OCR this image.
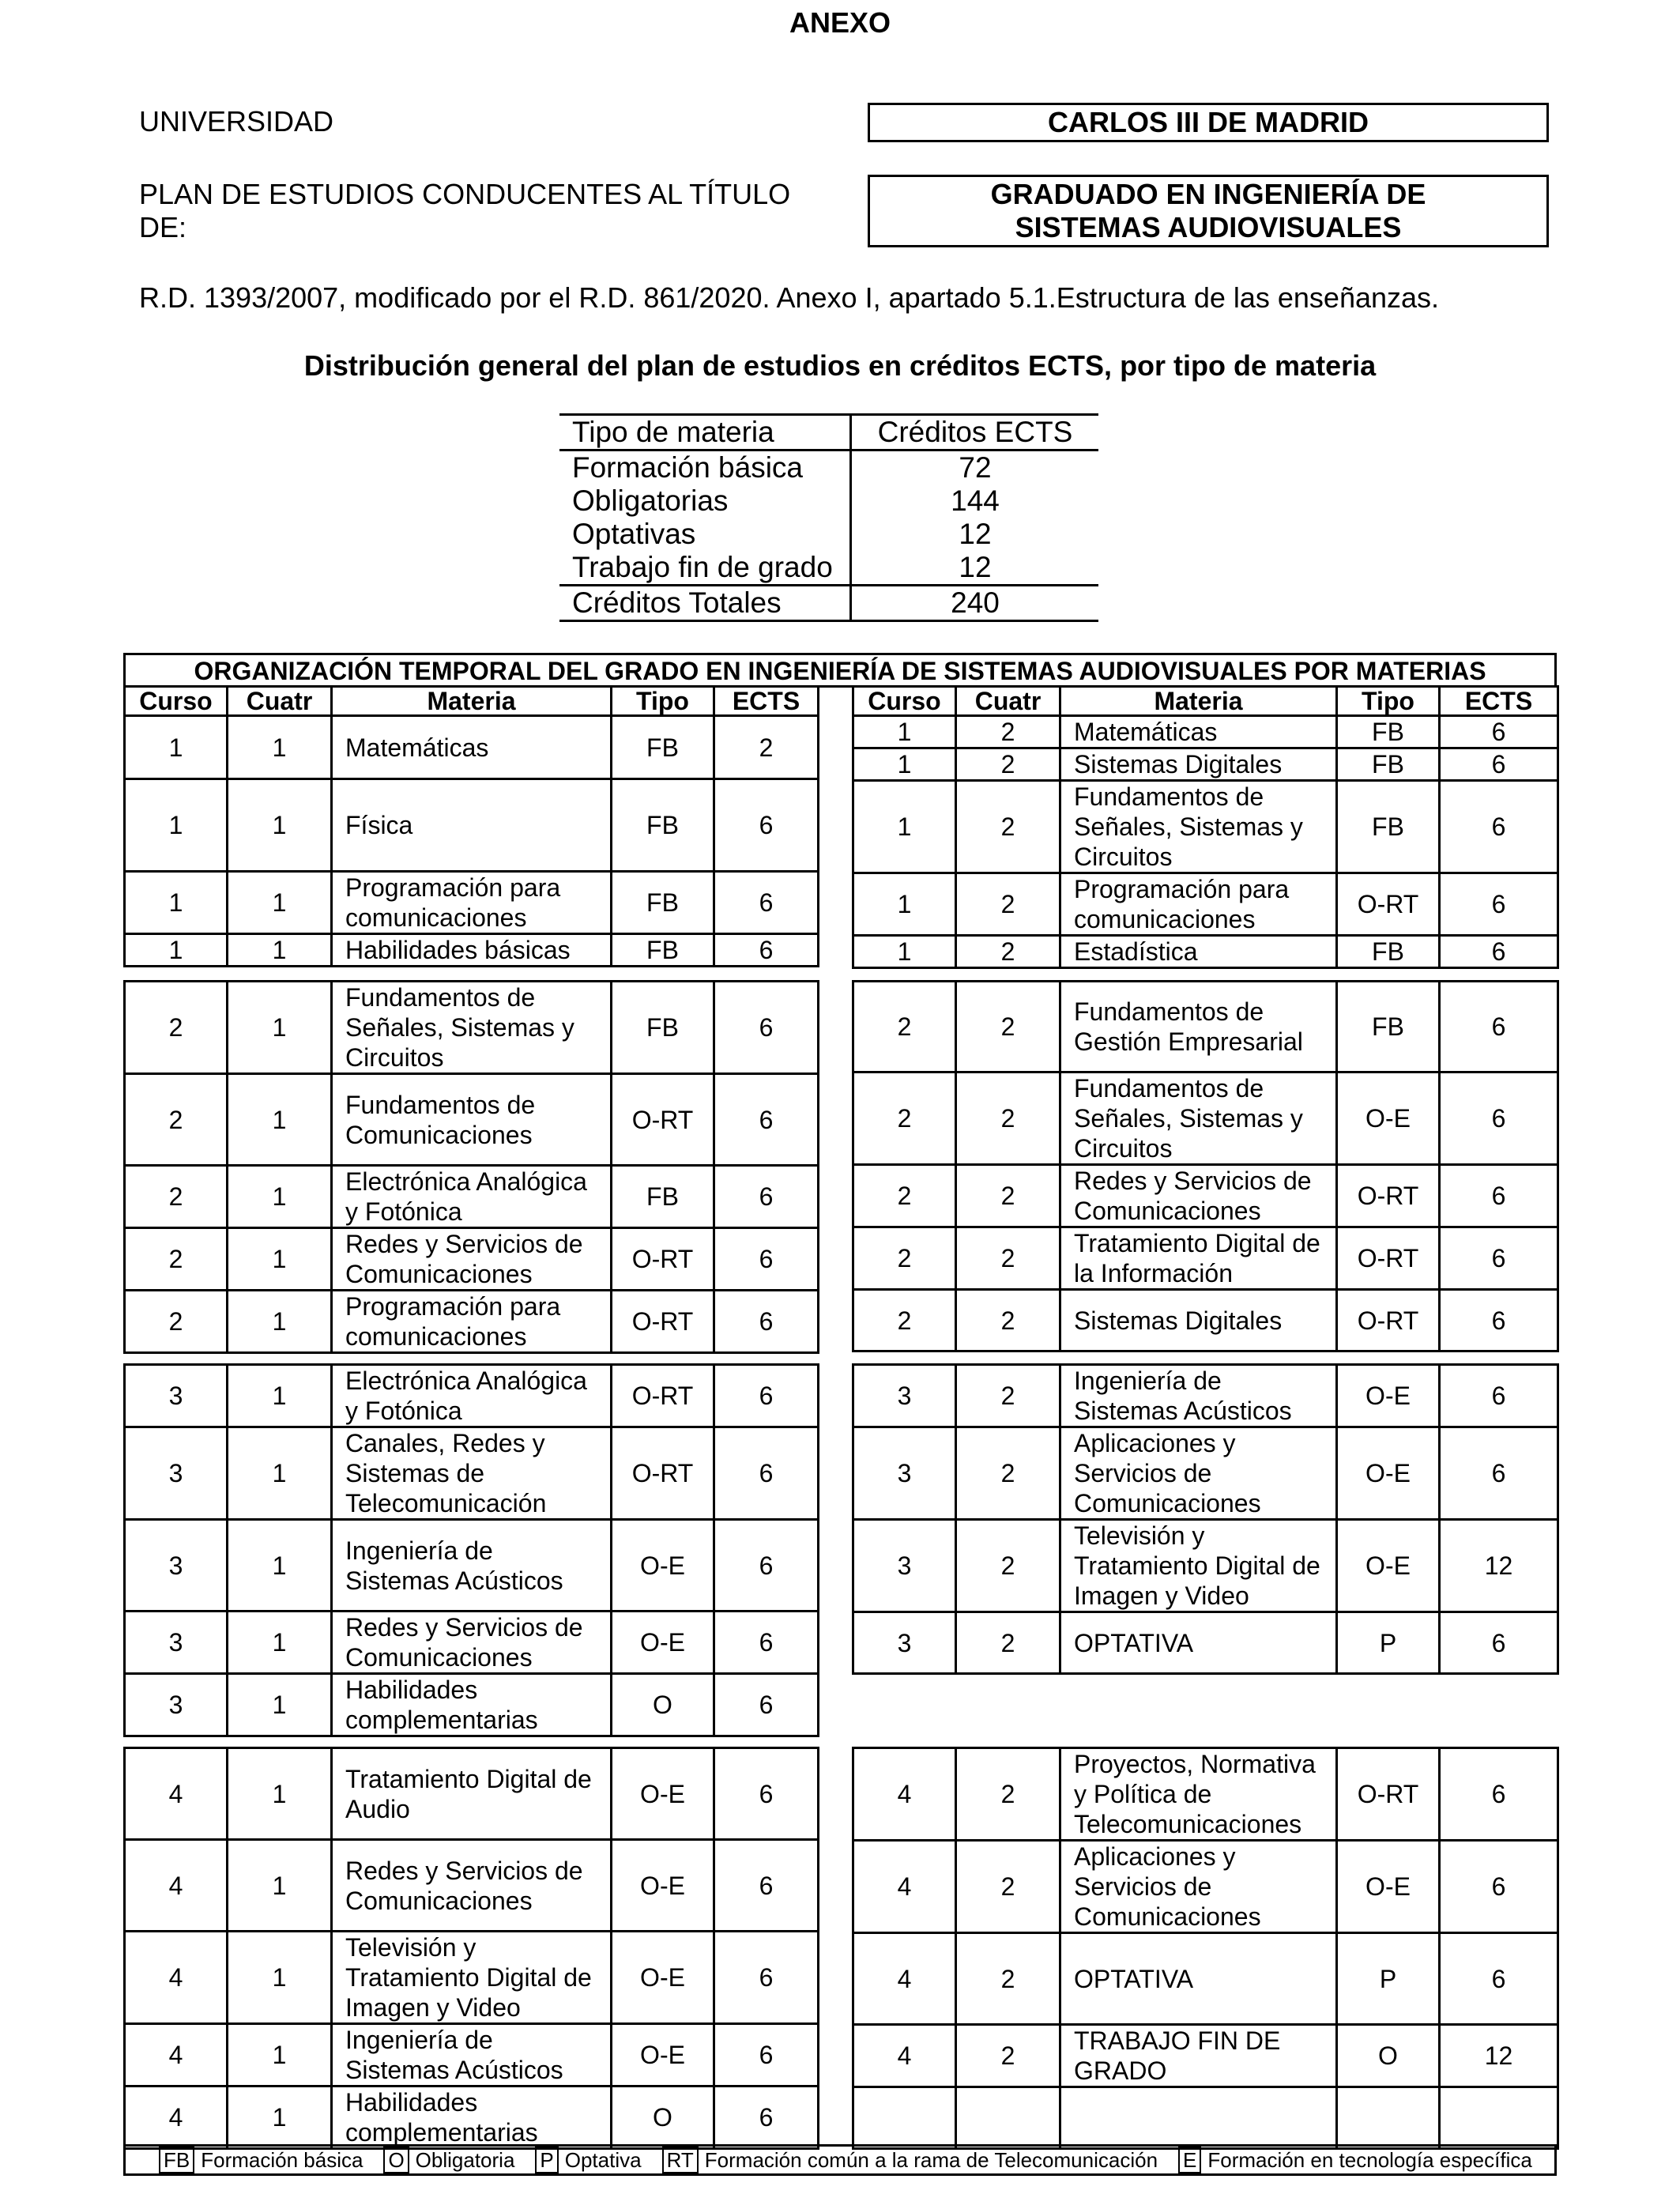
ANEXO
UNIVERSIDAD	CARLOS III DE MADRID
PLAN DE ESTUDIOS CONDUCENTES AL TÍTULO
DE:
GRADUADO EN INGENIERÍA DE
SISTEMAS AUDIOVISUALES
R.D. 1393/2007, modificado por el R.D. 861/2020. Anexo I, apartado 5.1.Estructura de las enseñanzas.
Distribución general del plan de estudios en créditos ECTS, por tipo de materia
Tipo de materia	Créditos ECTS
Formación básica	72
Obligatorias	144
Optativas	12
Trabajo fin de grado	12
Créditos Totales	240
ORGANIZACIÓN TEMPORAL DEL GRADO EN INGENIERÍA DE SISTEMAS AUDIOVISUALES POR MATERIAS
Curso	Cuatr	Materia	Tipo	ECTS	Curso	Cuatr	Materia	Tipo	ECTS
1	1	Matemáticas	FB	2
1	1	Física	FB	6
1	1	Programación para comunicaciones	FB	6
1	1	Habilidades básicas	FB	6
1	2	Matemáticas	FB	6
1	2	Sistemas Digitales	FB	6
1	2	Fundamentos de Señales, Sistemas y Circuitos	FB	6
1	2	Programación para comunicaciones	O-RT	6
1	2	Estadística	FB	6
2	1	Fundamentos de Señales, Sistemas y Circuitos	FB	6
2	1	Fundamentos de Comunicaciones	O-RT	6
2	1	Electrónica Analógica y Fotónica	FB	6
2	1	Redes y Servicios de Comunicaciones	O-RT	6
2	1	Programación para comunicaciones	O-RT	6
2	2	Fundamentos de Gestión Empresarial	FB	6
2	2	Fundamentos de Señales, Sistemas y Circuitos	O-E	6
2	2	Redes y Servicios de Comunicaciones	O-RT	6
2	2	Tratamiento Digital de la Información	O-RT	6
2	2	Sistemas Digitales	O-RT	6
3	1	Electrónica Analógica y Fotónica	O-RT	6
3	1	Canales, Redes y Sistemas de Telecomunicación	O-RT	6
3	1	Ingeniería de Sistemas Acústicos	O-E	6
3	1	Redes y Servicios de Comunicaciones	O-E	6
3	1	Habilidades complementarias	O	6
3	2	Ingeniería de Sistemas Acústicos	O-E	6
3	2	Aplicaciones y Servicios de Comunicaciones	O-E	6
3	2	Televisión y Tratamiento Digital de Imagen y Video	O-E	12
3	2	OPTATIVA	P	6
4	1	Tratamiento Digital de Audio	O-E	6
4	1	Redes y Servicios de Comunicaciones	O-E	6
4	1	Televisión y Tratamiento Digital de Imagen y Video	O-E	6
4	1	Ingeniería de Sistemas Acústicos	O-E	6
4	1	Habilidades complementarias	O	6
4	2	Proyectos, Normativa y Política de Telecomunicaciones	O-RT	6
4	2	Aplicaciones y Servicios de Comunicaciones	O-E	6
4	2	OPTATIVA	P	6
4	2	TRABAJO FIN DE GRADO	O	12

FB Formación básica O Obligatoria P Optativa RT Formación común a la rama de Telecomunicación E Formación en tecnología específica
